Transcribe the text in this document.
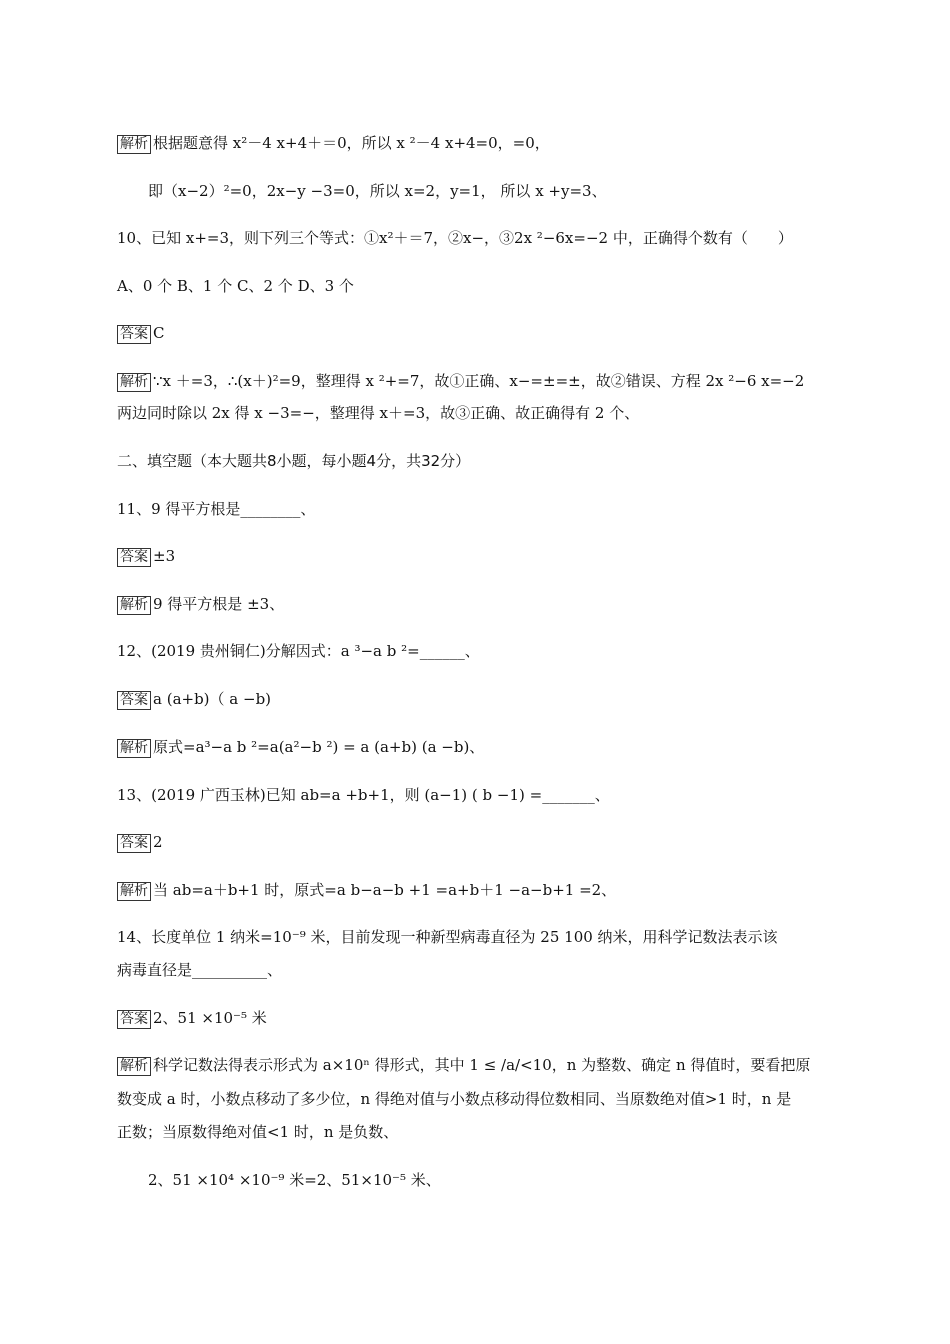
解析 根据题意得 x²－4 x+4＋＝0，所以 x ²－4 x+4=0，=0，
即（x−2）²=0，2x−y −3=0，所以 x=2，y=1， 所以 x +y=3、
10、已知 x+=3，则下列三个等式：①x²＋＝7，②x−，③2x ²−6x=−2 中，正确得个数有（　　）
A、0 个 B、1 个 C、2 个 D、3 个
答案 C
解析 ∵x ＋=3，∴(x＋)²=9，整理得 x ²+=7，故①正确、x−=±=±，故②错误、方程 2x ²−6 x=−2
两边同时除以 2x 得 x −3=−，整理得 x＋=3，故③正确、故正确得有 2 个、
二、填空题（本大题共8小题，每小题4分，共32分）
11、9 得平方根是________、
答案 ±3
解析 9 得平方根是 ±3、
12、(2019 贵州铜仁)分解因式：a ³−a b ²=______、
答案 a (a+b)（ a −b)
解析 原式=a³−a b ²=a(a²−b ²) = a (a+b) (a −b)、
13、(2019 广西玉林)已知 ab=a +b+1，则 (a−1) ( b −1) =_______、
答案 2
解析 当 ab=a＋b+1 时，原式=a b−a−b +1 =a+b＋1 −a−b+1 =2、
14、长度单位 1 纳米=10⁻⁹ 米，目前发现一种新型病毒直径为 25 100 纳米，用科学记数法表示该
病毒直径是__________、
答案 2、51 ×10⁻⁵ 米
解析 科学记数法得表示形式为 a×10ⁿ 得形式，其中 1 ≤ /a/<10，n 为整数、确定 n 得值时，要看把原
数变成 a 时，小数点移动了多少位，n 得绝对值与小数点移动得位数相同、当原数绝对值>1 时，n 是
正数；当原数得绝对值<1 时，n 是负数、
2、51 ×10⁴ ×10⁻⁹ 米=2、51×10⁻⁵ 米、
